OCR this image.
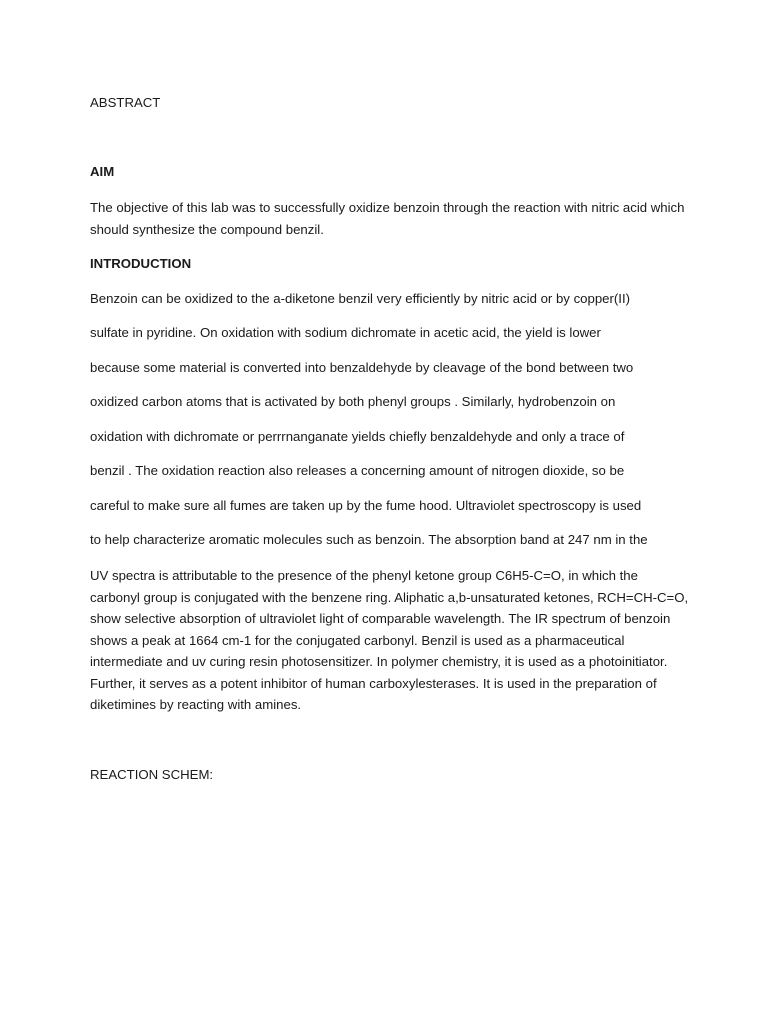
ABSTRACT

AIM

The objective of this lab was to successfully oxidize benzoin through the reaction with nitric acid which should synthesize the compound benzil.

INTRODUCTION

Benzoin can be oxidized to the a-diketone benzil very efficiently by nitric acid or by copper(II)

sulfate in pyridine. On oxidation with sodium dichromate in acetic acid, the yield is lower

because some material is converted into benzaldehyde by cleavage of the bond between two

oxidized carbon atoms that is activated by both phenyl groups . Similarly, hydrobenzoin on

oxidation with dichromate or perrrnanganate yields chiefly benzaldehyde and only a trace of

benzil . The oxidation reaction also releases a concerning amount of nitrogen dioxide, so be

careful to make sure all fumes are taken up by the fume hood. Ultraviolet spectroscopy is used

to help characterize aromatic molecules such as benzoin. The absorption band at 247 nm in the

UV spectra is attributable to the presence of the phenyl ketone group C6H5-C=O, in which the carbonyl group is conjugated with the benzene ring. Aliphatic a,b-unsaturated ketones, RCH=CH-C=O, show selective absorption of ultraviolet light of comparable wavelength. The IR spectrum of benzoin shows a peak at 1664 cm-1 for the conjugated carbonyl. Benzil is used as a pharmaceutical intermediate and uv curing resin photosensitizer. In polymer chemistry, it is used as a photoinitiator. Further, it serves as a potent inhibitor of human carboxylesterases. It is used in the preparation of diketimines by reacting with amines.

REACTION SCHEM:
